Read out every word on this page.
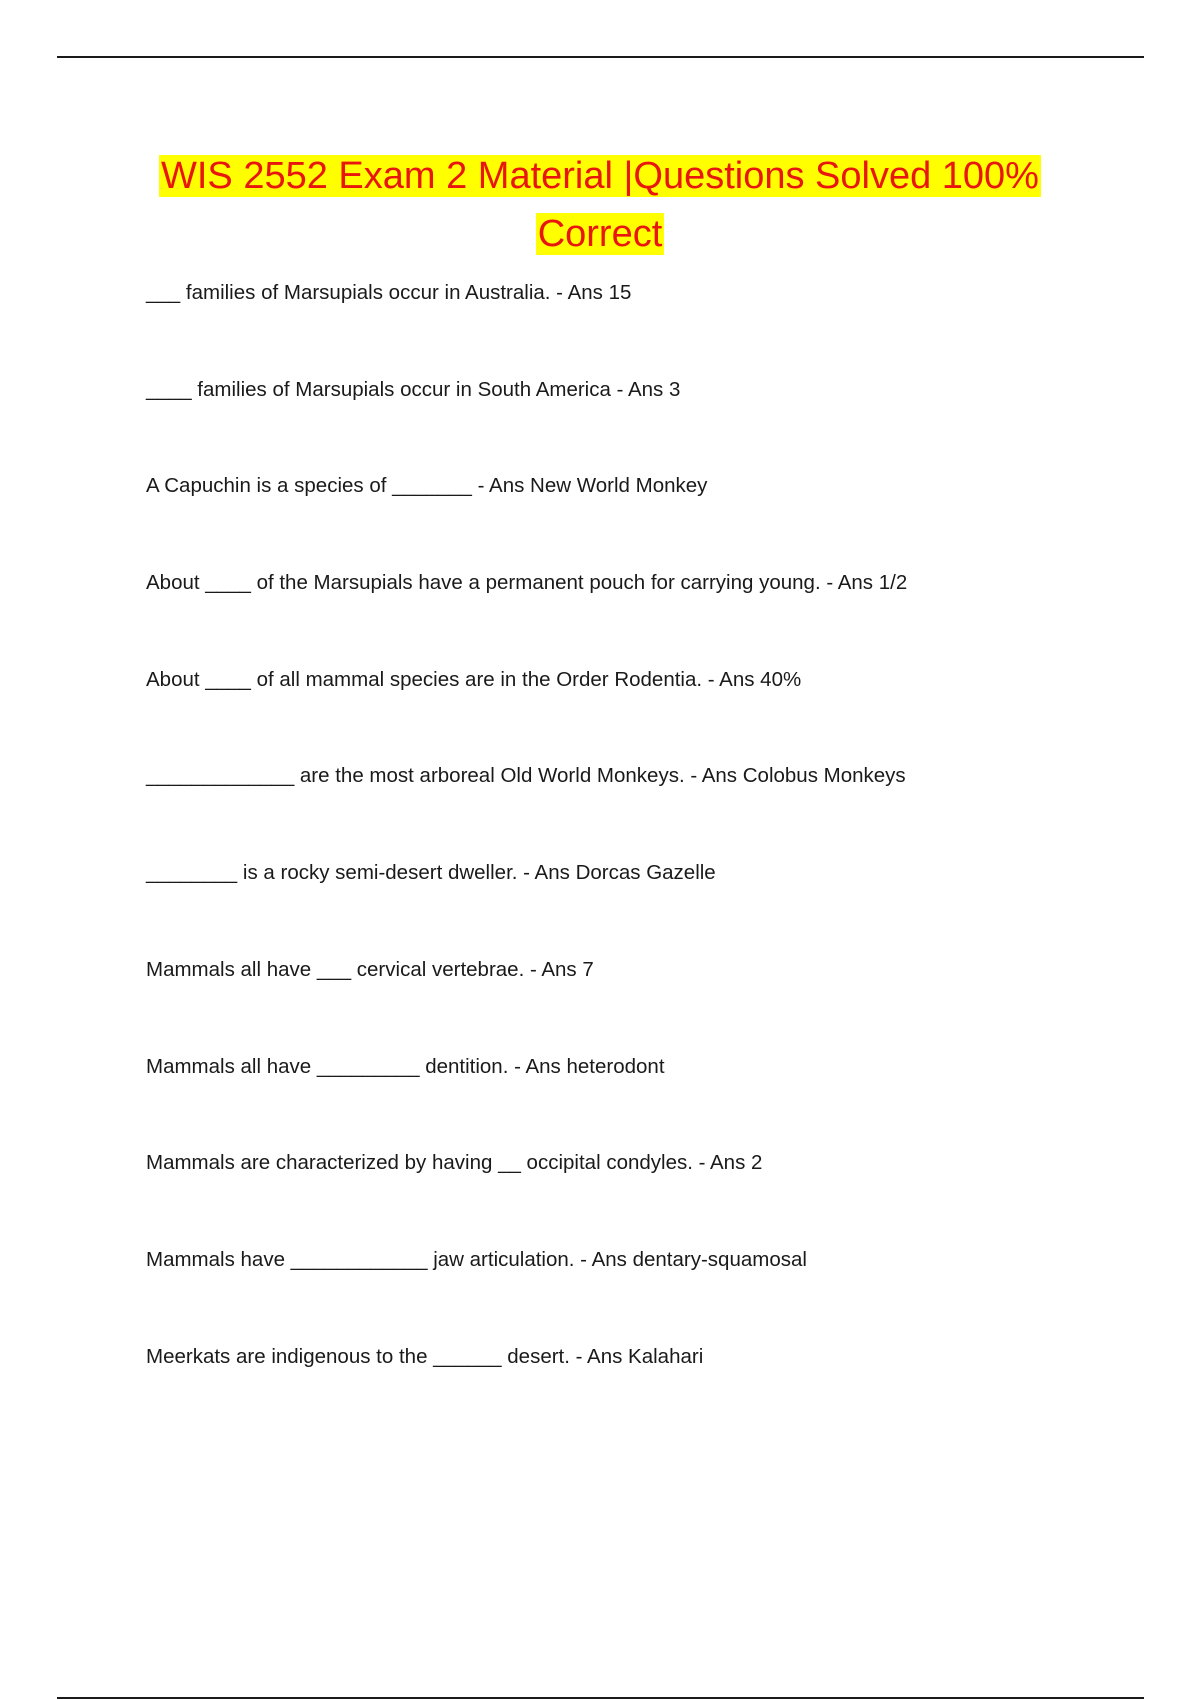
WIS 2552 Exam 2 Material |Questions Solved 100%
Correct
___ families of Marsupials occur in Australia. - Ans 15
____ families of Marsupials occur in South America - Ans 3
A Capuchin is a species of _______ - Ans New World Monkey
About ____ of the Marsupials have a permanent pouch for carrying young. - Ans 1/2
About ____ of all mammal species are in the Order Rodentia. - Ans 40%
_____________ are the most arboreal Old World Monkeys. - Ans Colobus Monkeys
________ is a rocky semi-desert dweller. - Ans Dorcas Gazelle
Mammals all have ___ cervical vertebrae. - Ans 7
Mammals all have _________ dentition. - Ans heterodont
Mammals are characterized by having __ occipital condyles. - Ans 2
Mammals have ____________ jaw articulation. - Ans dentary-squamosal
Meerkats are indigenous to the ______ desert. - Ans Kalahari
